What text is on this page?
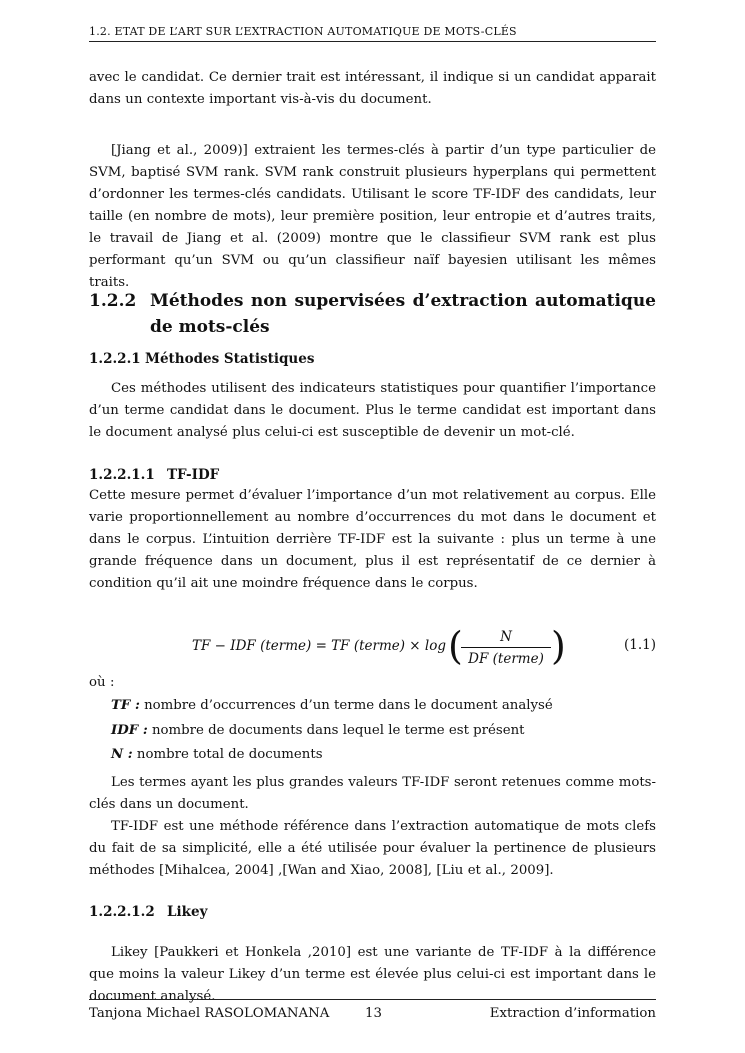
1.2. ETAT DE L’ART SUR L’EXTRACTION AUTOMATIQUE DE MOTS-CLÉS

avec le candidat. Ce dernier trait est intéressant, il indique si un candidat apparait dans un contexte important vis-à-vis du document.

[Jiang et al., 2009)] extraient les termes-clés à partir d’un type particulier de SVM, baptisé SVM rank. SVM rank construit plusieurs hyperplans qui permettent d’ordonner les termes-clés candidats. Utilisant le score TF-IDF des candidats, leur taille (en nombre de mots), leur première position, leur entropie et d’autres traits, le travail de Jiang et al. (2009) montre que le classifieur SVM rank est plus performant qu’un SVM ou qu’un classifieur naïf bayesien utilisant les mêmes traits.

1.2.2 Méthodes non supervisées d’extraction automatique de mots-clés
1.2.2.1 Méthodes Statistiques

Ces méthodes utilisent des indicateurs statistiques pour quantifier l’importance d’un terme candidat dans le document. Plus le terme candidat est important dans le document analysé plus celui-ci est susceptible de devenir un mot-clé.

1.2.2.1.1 TF-IDF

Cette mesure permet d’évaluer l’importance d’un mot relativement au corpus. Elle varie proportionnellement au nombre d’occurrences du mot dans le document et dans le corpus. L’intuition derrière TF-IDF est la suivante : plus un terme à une grande fréquence dans un document, plus il est représentatif de ce dernier à condition qu’il ait une moindre fréquence dans le corpus.

TF − IDF (terme) = TF (terme) × log (	N
DF (terme) )	(1.1)

où :

TF : nombre d’occurrences d’un terme dans le document analysé
IDF : nombre de documents dans lequel le terme est présent
N : nombre total de documents

Les termes ayant les plus grandes valeurs TF-IDF seront retenues comme mots-clés dans un document.

TF-IDF est une méthode référence dans l’extraction automatique de mots clefs du fait de sa simplicité, elle a été utilisée pour évaluer la pertinence de plusieurs méthodes [Mihalcea, 2004] ,[Wan and Xiao, 2008], [Liu et al., 2009].

1.2.2.1.2 Likey

Likey [Paukkeri et Honkela ,2010] est une variante de TF-IDF à la différence que moins la valeur Likey d’un terme est élevée plus celui-ci est important dans le document analysé.

Tanjona Michael RASOLOMANANA	13	Extraction d’information
